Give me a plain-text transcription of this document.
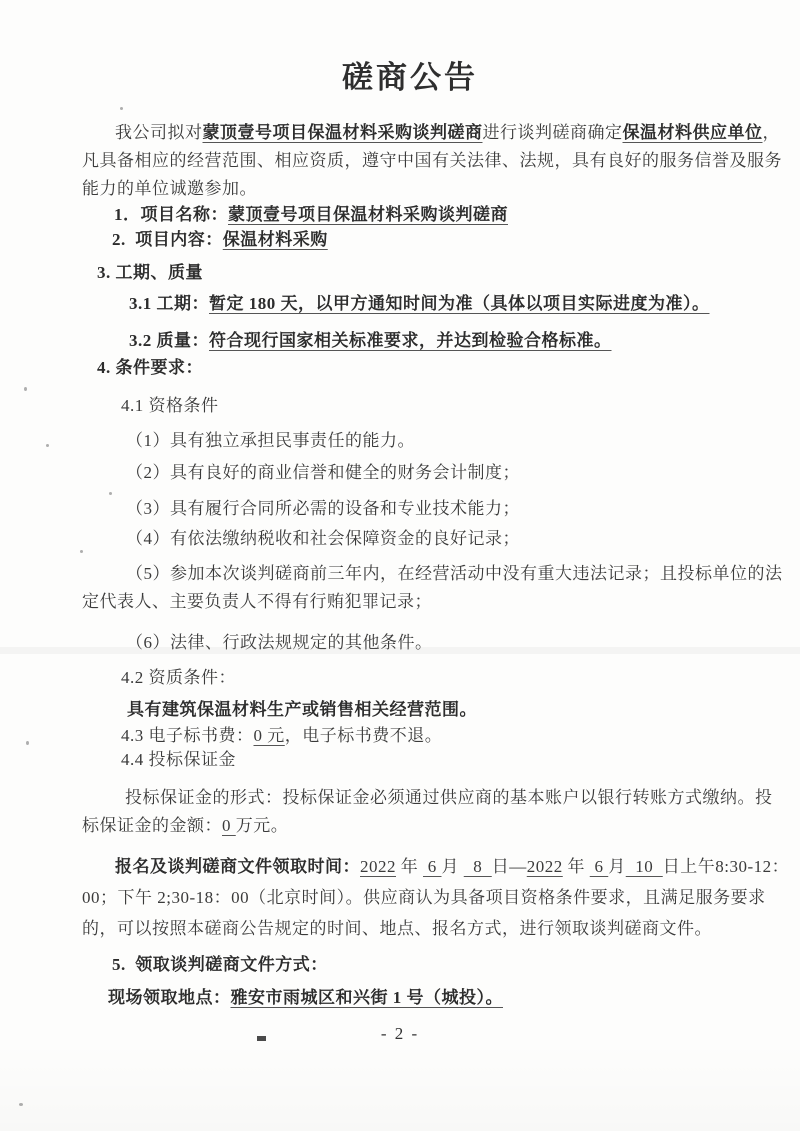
磋商公告
我公司拟对蒙顶壹号项目保温材料采购谈判磋商进行谈判磋商确定保温材料供应单位，凡具备相应的经营范围、相应资质，遵守中国有关法律、法规，具有良好的服务信誉及服务能力的单位诚邀参加。
1．项目名称：蒙顶壹号项目保温材料采购谈判磋商
2.  项目内容：保温材料采购
3. 工期、质量
3.1 工期：暂定 180 天，以甲方通知时间为准（具体以项目实际进度为准）。
3.2 质量：符合现行国家相关标准要求，并达到检验合格标准。
4. 条件要求：
4.1 资格条件
（1）具有独立承担民事责任的能力。
（2）具有良好的商业信誉和健全的财务会计制度；
（3）具有履行合同所必需的设备和专业技术能力；
（4）有依法缴纳税收和社会保障资金的良好记录；
（5）参加本次谈判磋商前三年内，在经营活动中没有重大违法记录；且投标单位的法定代表人、主要负责人不得有行贿犯罪记录；
（6）法律、行政法规规定的其他条件。
4.2 资质条件：
具有建筑保温材料生产或销售相关经营范围。
4.3 电子标书费：0 元，电子标书费不退。
4.4 投标保证金
投标保证金的形式：投标保证金必须通过供应商的基本账户以银行转账方式缴纳。投标保证金的金额：0 万元。
报名及谈判磋商文件领取时间：2022 年  6 月   8  日—2022 年  6 月  10  日上午8:30-12：00；下午 2;30-18：00（北京时间）。供应商认为具备项目资格条件要求，且满足服务要求的，可以按照本磋商公告规定的时间、地点、报名方式，进行领取谈判磋商文件。
5.  领取谈判磋商文件方式：
现场领取地点：雅安市雨城区和兴街 1 号（城投）。
- 2 -
